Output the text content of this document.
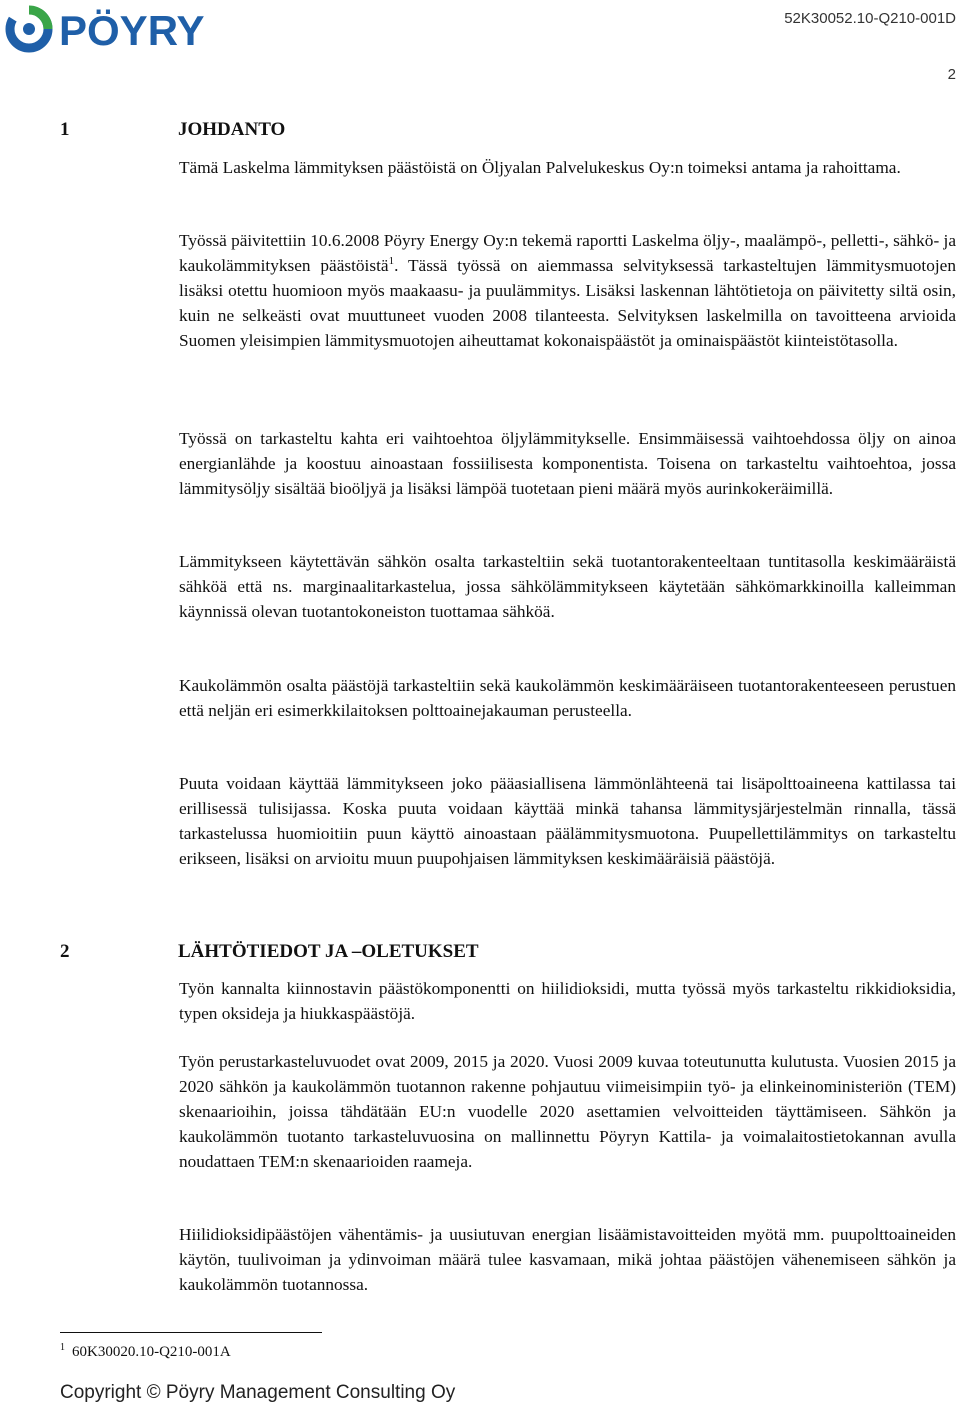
PÖYRY	52K30052.10-Q210-001D
2
1	JOHDANTO

Tämä Laskelma lämmityksen päästöistä on Öljyalan Palvelukeskus Oy:n toimeksi antama ja rahoittama.

Työssä päivitettiin 10.6.2008 Pöyry Energy Oy:n tekemä raportti Laskelma öljy-, maalämpö-, pelletti-, sähkö- ja kaukolämmityksen päästöistä$^1$. Tässä työssä on aiemmassa selvityksessä tarkasteltujen lämmitysmuotojen lisäksi otettu huomioon myös maakaasu- ja puulämmitys. Lisäksi laskennan lähtötietoja on päivitetty siltä osin, kuin ne selkeästi ovat muuttuneet vuoden 2008 tilanteesta. Selvityksen laskelmilla on tavoitteena arvioida Suomen yleisimpien lämmitysmuotojen aiheuttamat kokonaispäästöt ja ominaispäästöt kiinteistötasolla.

Työssä on tarkasteltu kahta eri vaihtoehtoa öljylämmitykselle. Ensimmäisessä vaihtoehdossa öljy on ainoa energianlähde ja koostuu ainoastaan fossiilisesta komponentista. Toisena on tarkasteltu vaihtoehtoa, jossa lämmitysöljy sisältää bioöljyä ja lisäksi lämpöä tuotetaan pieni määrä myös aurinkokeräimillä.

Lämmitykseen käytettävän sähkön osalta tarkasteltiin sekä tuotantorakenteeltaan tuntitasolla keskimääräistä sähköä että ns. marginaalitarkastelua, jossa sähkölämmitykseen käytetään sähkömarkkinoilla kalleimman käynnissä olevan tuotantokoneiston tuottamaa sähköä.

Kaukolämmön osalta päästöjä tarkasteltiin sekä kaukolämmön keskimääräiseen tuotantorakenteeseen perustuen että neljän eri esimerkkilaitoksen polttoainejakauman perusteella.

Puuta voidaan käyttää lämmitykseen joko pääasiallisena lämmönlähteenä tai lisäpolttoaineena kattilassa tai erillisessä tulisijassa. Koska puuta voidaan käyttää minkä tahansa lämmitysjärjestelmän rinnalla, tässä tarkastelussa huomioitiin puun käyttö ainoastaan päälämmitysmuotona. Puupellettilämmitys on tarkasteltu erikseen, lisäksi on arvioitu muun puupohjaisen lämmityksen keskimääräisiä päästöjä.

2	LÄHTÖTIEDOT JA –OLETUKSET

Työn kannalta kiinnostavin päästökomponentti on hiilidioksidi, mutta työssä myös tarkasteltu rikkidioksidia, typen oksideja ja hiukkaspäästöjä.

Työn perustarkasteluvuodet ovat 2009, 2015 ja 2020. Vuosi 2009 kuvaa toteutunutta kulutusta. Vuosien 2015 ja 2020 sähkön ja kaukolämmön tuotannon rakenne pohjautuu viimeisimpiin työ- ja elinkeinoministeriön (TEM) skenaarioihin, joissa tähdätään EU:n vuodelle 2020 asettamien velvoitteiden täyttämiseen. Sähkön ja kaukolämmön tuotanto tarkasteluvuosina on mallinnettu Pöyryn Kattila- ja voimalaitostietokannan avulla noudattaen TEM:n skenaarioiden raameja.

Hiilidioksidipäästöjen vähentämis- ja uusiutuvan energian lisäämistavoitteiden myötä mm. puupolttoaineiden käytön, tuulivoiman ja ydinvoiman määrä tulee kasvamaan, mikä johtaa päästöjen vähenemiseen sähkön ja kaukolämmön tuotannossa.

1 60K30020.10-Q210-001A
Copyright © Pöyry Management Consulting Oy
